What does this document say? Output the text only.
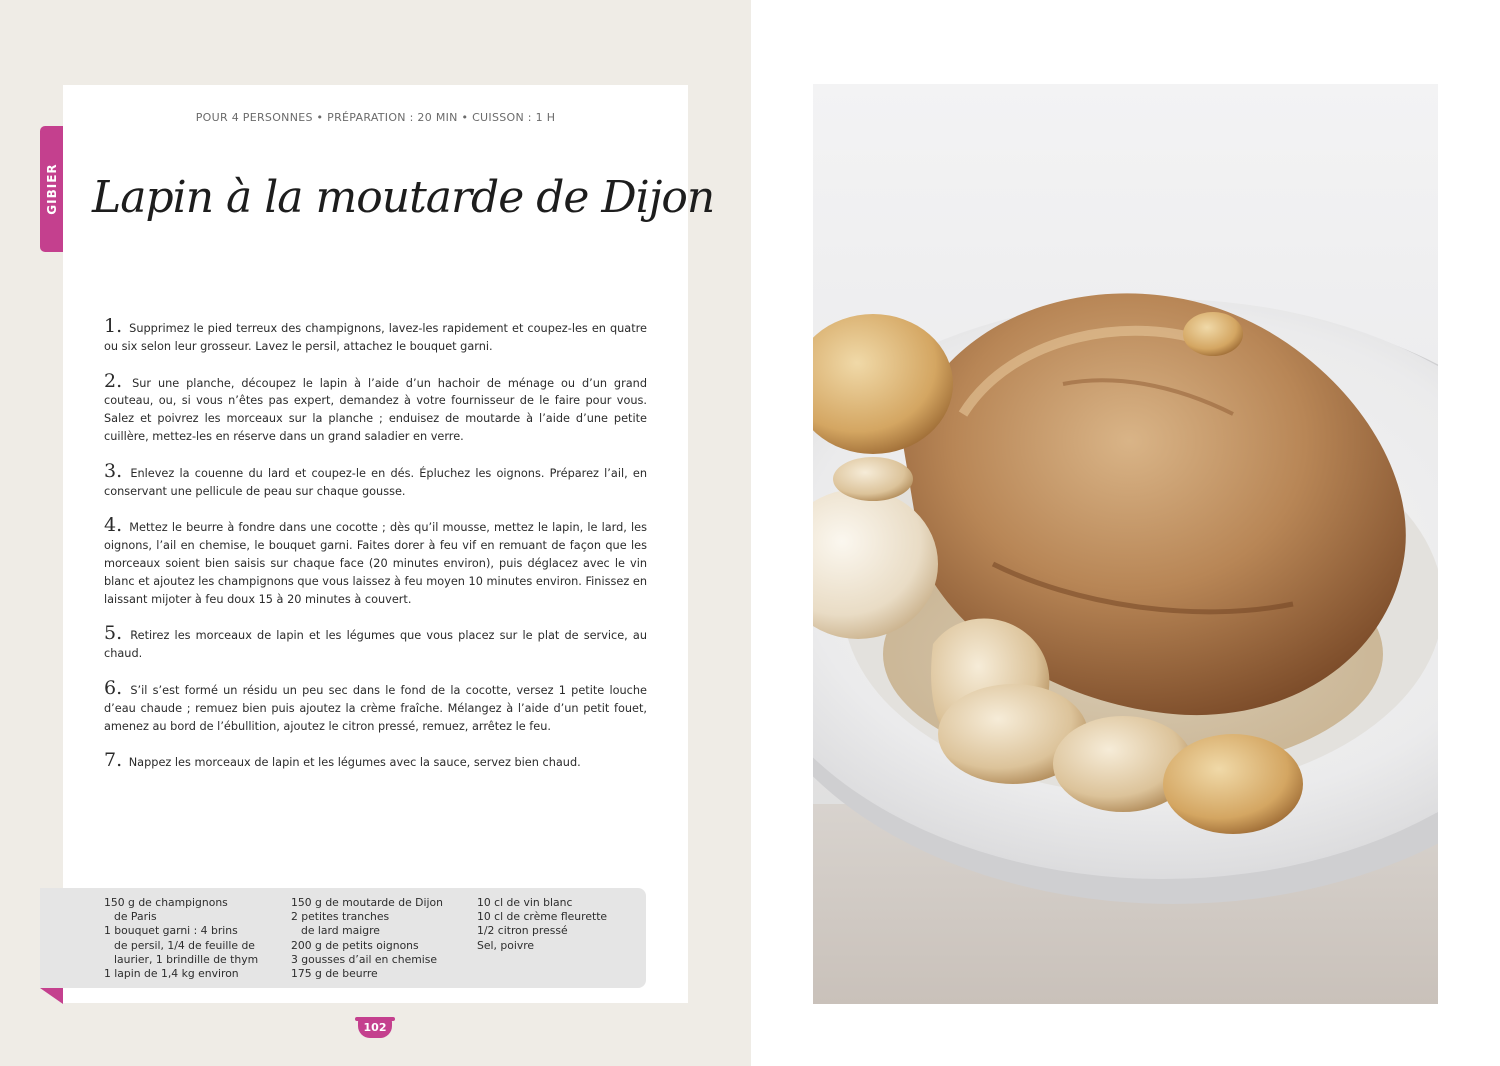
GIBIER
POUR 4 PERSONNES • PRÉPARATION : 20 MIN • CUISSON : 1 H
Lapin à la moutarde de Dijon

1. Supprimez le pied terreux des champignons, lavez-les rapidement et coupez-les en quatre ou six selon leur grosseur. Lavez le persil, attachez le bouquet garni.

2. Sur une planche, découpez le lapin à l’aide d’un hachoir de ménage ou d’un grand couteau, ou, si vous n’êtes pas expert, demandez à votre fournisseur de le faire pour vous. Salez et poivrez les morceaux sur la planche ; enduisez de moutarde à l’aide d’une petite cuillère, mettez-les en réserve dans un grand saladier en verre.

3. Enlevez la couenne du lard et coupez-le en dés. Épluchez les oignons. Préparez l’ail, en conservant une pellicule de peau sur chaque gousse.

4. Mettez le beurre à fondre dans une cocotte ; dès qu’il mousse, mettez le lapin, le lard, les oignons, l’ail en chemise, le bouquet garni. Faites dorer à feu vif en remuant de façon que les morceaux soient bien saisis sur chaque face (20 minutes environ), puis déglacez avec le vin blanc et ajoutez les champignons que vous laissez à feu moyen 10 minutes environ. Finissez en laissant mijoter à feu doux 15 à 20 minutes à couvert.

5. Retirez les morceaux de lapin et les légumes que vous placez sur le plat de service, au chaud.

6. S’il s’est formé un résidu un peu sec dans le fond de la cocotte, versez 1 petite louche d’eau chaude ; remuez bien puis ajoutez la crème fraîche. Mélangez à l’aide d’un petit fouet, amenez au bord de l’ébullition, ajoutez le citron pressé, remuez, arrêtez le feu.

7. Nappez les morceaux de lapin et les légumes avec la sauce, servez bien chaud.

150 g de champignons
de Paris
1 bouquet garni : 4 brins
de persil, 1/4 de feuille de
laurier, 1 brindille de thym
1 lapin de 1,4 kg environ
150 g de moutarde de Dijon
2 petites tranches
de lard maigre
200 g de petits oignons
3 gousses d’ail en chemise
175 g de beurre
10 cl de vin blanc
10 cl de crème fleurette
1/2 citron pressé
Sel, poivre
102
